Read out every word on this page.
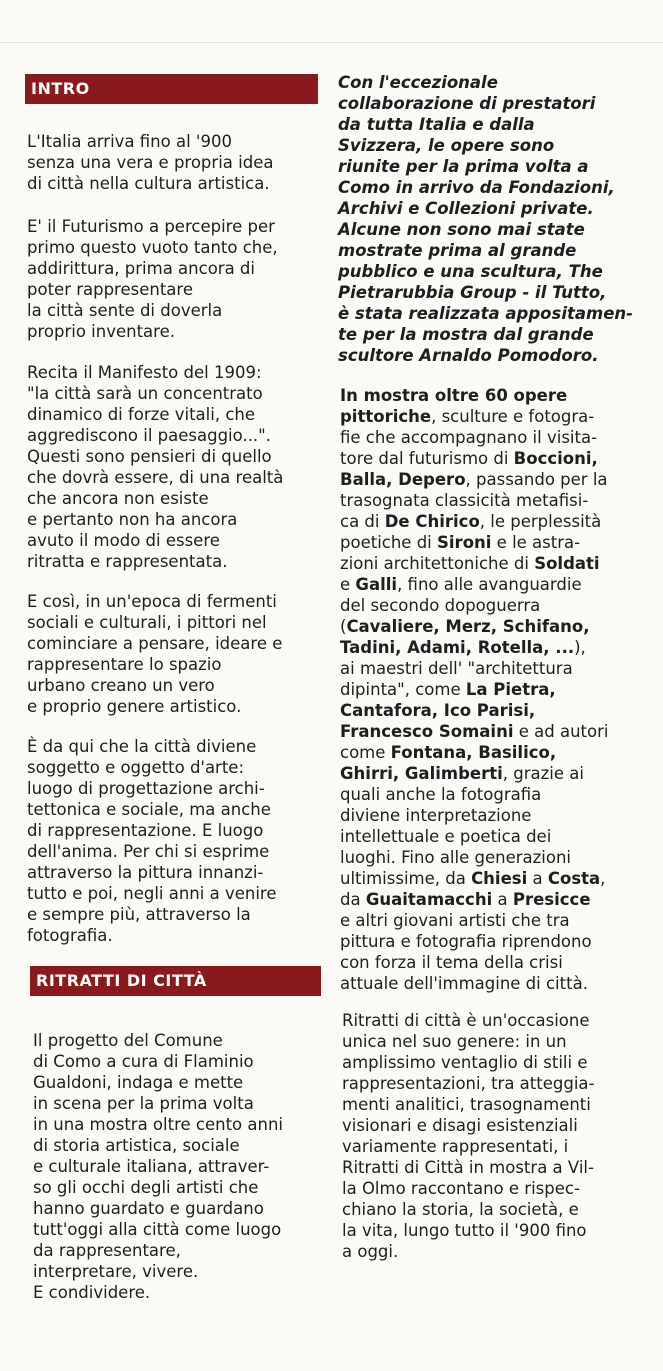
INTRO

L'Italia arriva fino al '900
senza una vera e propria idea
di città nella cultura artistica.

E' il Futurismo a percepire per
primo questo vuoto tanto che,
addirittura, prima ancora di
poter rappresentare
la città sente di doverla
proprio inventare.

Recita il Manifesto del 1909:
"la città sarà un concentrato
dinamico di forze vitali, che
aggrediscono il paesaggio...".
Questi sono pensieri di quello
che dovrà essere, di una realtà
che ancora non esiste
e pertanto non ha ancora
avuto il modo di essere
ritratta e rappresentata.

E così, in un'epoca di fermenti
sociali e culturali, i pittori nel
cominciare a pensare, ideare e
rappresentare lo spazio
urbano creano un vero
e proprio genere artistico.

È da qui che la città diviene
soggetto e oggetto d'arte:
luogo di progettazione archi-
tettonica e sociale, ma anche
di rappresentazione. E luogo
dell'anima. Per chi si esprime
attraverso la pittura innanzi-
tutto e poi, negli anni a venire
e sempre più, attraverso la
fotografia.

RITRATTI DI CITTÀ

Il progetto del Comune
di Como a cura di Flaminio
Gualdoni, indaga e mette
in scena per la prima volta
in una mostra oltre cento anni
di storia artistica, sociale
e culturale italiana, attraver-
so gli occhi degli artisti che
hanno guardato e guardano
tutt'oggi alla città come luogo
da rappresentare,
interpretare, vivere.
E condividere.

Con l'eccezionale
collaborazione di prestatori
da tutta Italia e dalla
Svizzera, le opere sono
riunite per la prima volta a
Como in arrivo da Fondazioni,
Archivi e Collezioni private.
Alcune non sono mai state
mostrate prima al grande
pubblico e una scultura, The
Pietrarubbia Group - il Tutto,
è stata realizzata appositamen-
te per la mostra dal grande
scultore Arnaldo Pomodoro.

In mostra oltre 60 opere
pittoriche, sculture e fotogra-
fie che accompagnano il visita-
tore dal futurismo di Boccioni,
Balla, Depero, passando per la
trasognata classicità metafisi-
ca di De Chirico, le perplessità
poetiche di Sironi e le astra-
zioni architettoniche di Soldati
e Galli, fino alle avanguardie
del secondo dopoguerra
(Cavaliere, Merz, Schifano,
Tadini, Adami, Rotella, ...),
ai maestri dell' "architettura
dipinta", come La Pietra,
Cantafora, Ico Parisi,
Francesco Somaini e ad autori
come Fontana, Basilico,
Ghirri, Galimberti, grazie ai
quali anche la fotografia
diviene interpretazione
intellettuale e poetica dei
luoghi. Fino alle generazioni
ultimissime, da Chiesi a Costa,
da Guaitamacchi a Presicce
e altri giovani artisti che tra
pittura e fotografia riprendono
con forza il tema della crisi
attuale dell'immagine di città.

Ritratti di città è un'occasione
unica nel suo genere: in un
amplissimo ventaglio di stili e
rappresentazioni, tra atteggia-
menti analitici, trasognamenti
visionari e disagi esistenziali
variamente rappresentati, i
Ritratti di Città in mostra a Vil-
la Olmo raccontano e rispec-
chiano la storia, la società, e
la vita, lungo tutto il '900 fino
a oggi.
